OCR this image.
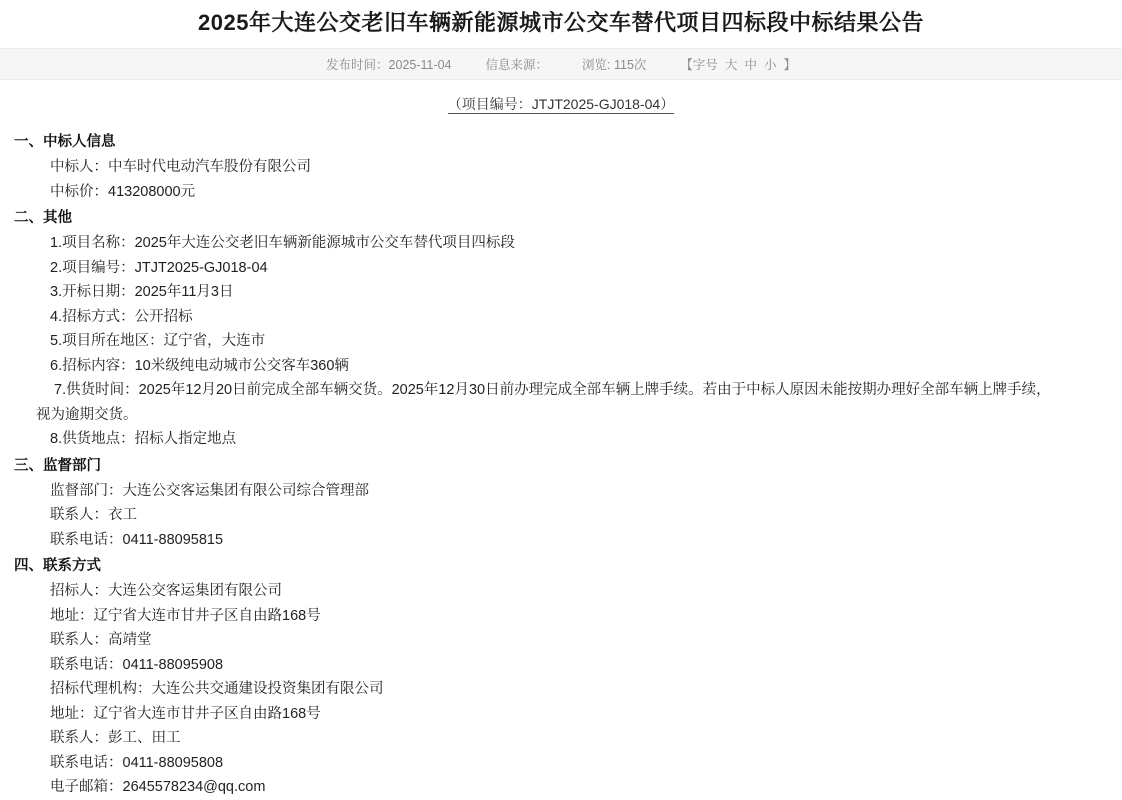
2025年大连公交老旧车辆新能源城市公交车替代项目四标段中标结果公告
发布时间：2025-11-04	信息来源：	浏览: 115次	【字号 大 中 小 】
（项目编号：JTJT2025-GJ018-04）
一、中标人信息
中标人：中车时代电动汽车股份有限公司
中标价：413208000元
二、其他
1.项目名称：2025年大连公交老旧车辆新能源城市公交车替代项目四标段
2.项目编号：JTJT2025-GJ018-04
3.开标日期：2025年11月3日
4.招标方式：公开招标
5.项目所在地区：辽宁省，大连市
6.招标内容：10米级纯电动城市公交客车360辆
7.供货时间：2025年12月20日前完成全部车辆交货。2025年12月30日前办理完成全部车辆上牌手续。若由于中标人原因未能按期办理好全部车辆上牌手续，
视为逾期交货。
8.供货地点：招标人指定地点
三、监督部门
监督部门：大连公交客运集团有限公司综合管理部
联系人：衣工
联系电话：0411-88095815
四、联系方式
招标人：大连公交客运集团有限公司
地址：辽宁省大连市甘井子区自由路168号
联系人：高靖堂
联系电话：0411-88095908
招标代理机构：大连公共交通建设投资集团有限公司
地址：辽宁省大连市甘井子区自由路168号
联系人：彭工、田工
联系电话：0411-88095808
电子邮箱：2645578234@qq.com
